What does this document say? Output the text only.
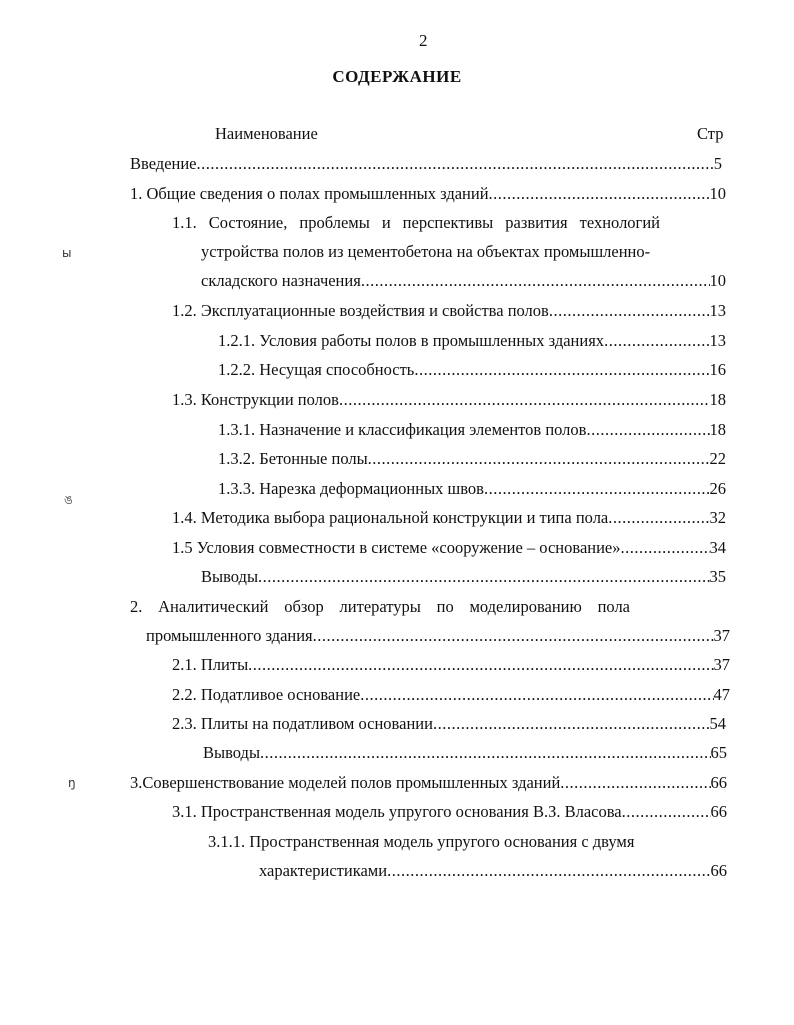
2
СОДЕРЖАНИЕ
Наименование	Стр
Введение .....	5
1. Общие сведения о полах промышленных зданий .....	10
1.1. Состояние, проблемы и перспективы развития технологий
устройства полов из цементобетона на объектах промышленно-
складского назначения .....	10
1.2. Эксплуатационные воздействия и свойства полов .....	13
1.2.1. Условия работы полов в промышленных зданиях .....	13
1.2.2. Несущая способность .....	16
1.3. Конструкции полов .....	18
1.3.1. Назначение и классификация элементов полов .....	18
1.3.2. Бетонные полы .....	22
1.3.3. Нарезка деформационных швов .....	26
1.4. Методика выбора рациональной конструкции и типа пола .....	32
1.5 Условия совместности в системе «сооружение – основание» .....	34
Выводы .....	35
2. Аналитический обзор литературы по моделированию пола
промышленного здания .....	37
2.1. Плиты .....	37
2.2. Податливое основание .....	47
2.3. Плиты на податливом основании .....	54
Выводы .....	65
3.Совершенствование моделей полов промышленных зданий .....	66
3.1. Пространственная модель упругого основания В.З. Власова .....	66
3.1.1. Пространственная модель упругого основания с двумя
характеристиками .....	66
ы
ঙ
ŋ
